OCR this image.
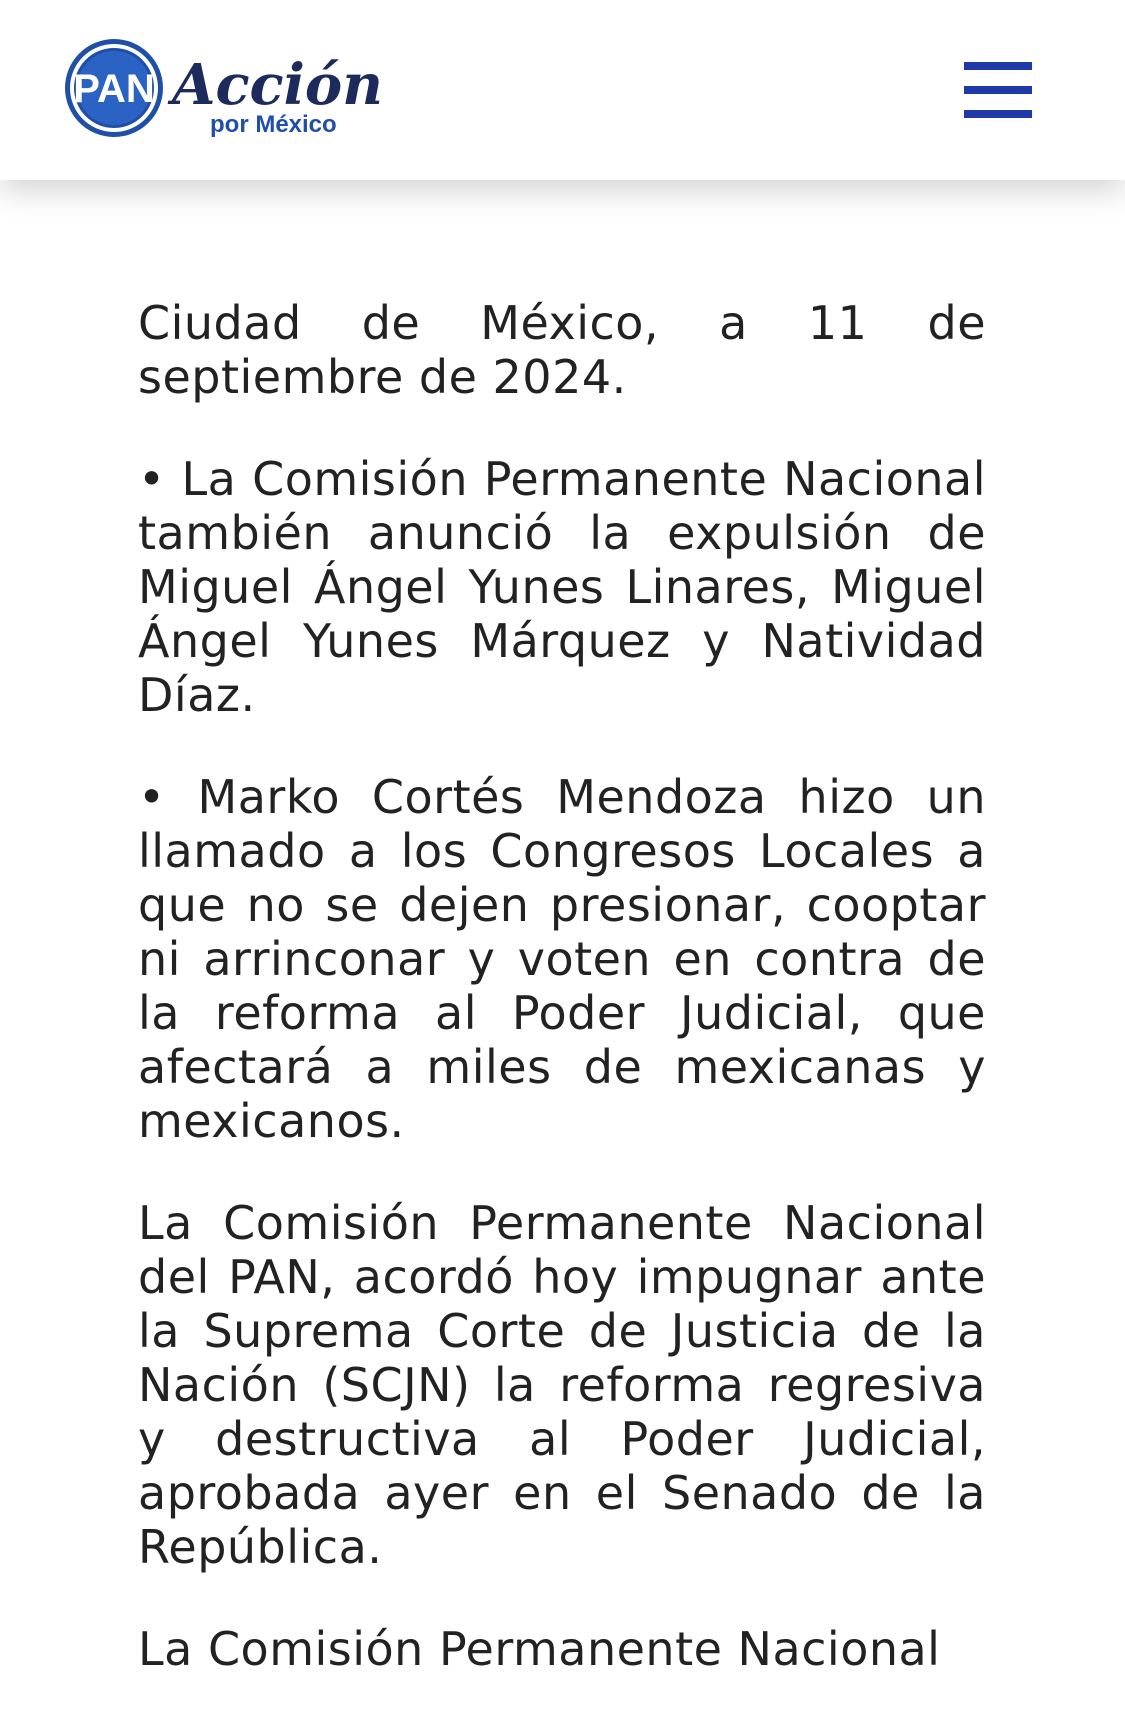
PAN Acción
por México

Ciudad de México, a 11 de septiembre de 2024.

• La Comisión Permanente Nacional también anunció la expulsión de Miguel Ángel Yunes Linares, Miguel Ángel Yunes Márquez y Natividad Díaz.

• Marko Cortés Mendoza hizo un llamado a los Congresos Locales a que no se dejen presionar, cooptar ni arrinconar y voten en contra de la reforma al Poder Judicial, que afectará a miles de mexicanas y mexicanos.

La Comisión Permanente Nacional del PAN, acordó hoy impugnar ante la Suprema Corte de Justicia de la Nación (SCJN) la reforma regresiva y destructiva al Poder Judicial, aprobada ayer en el Senado de la República.

La Comisión Permanente Nacional
